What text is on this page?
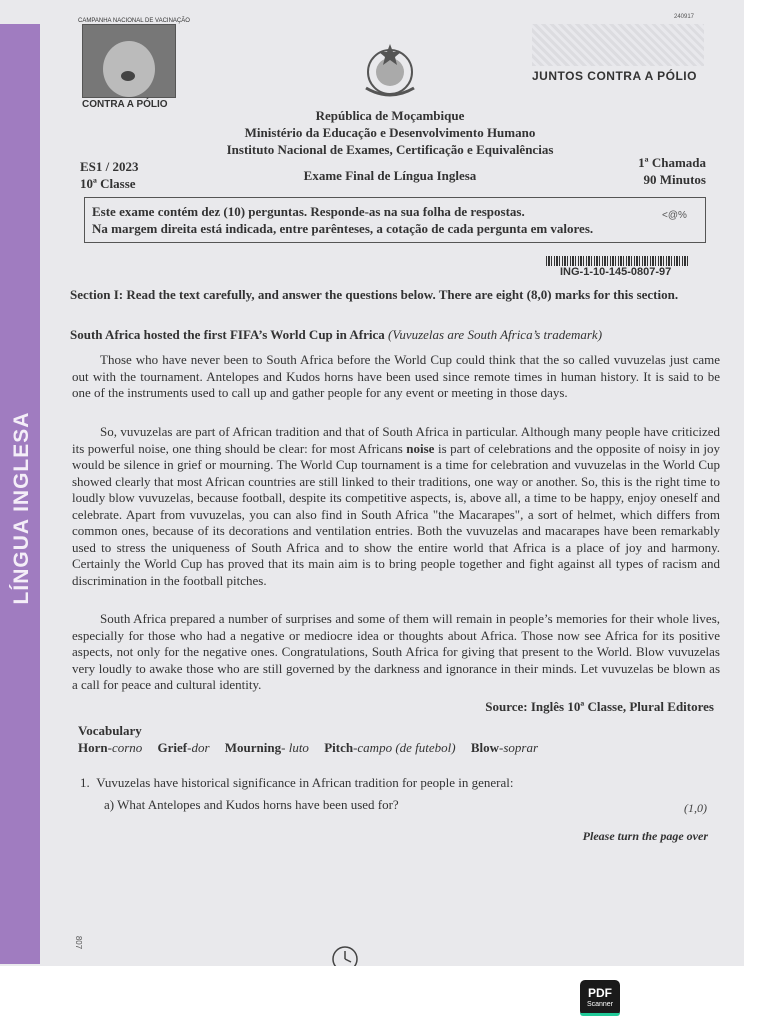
LÍNGUA INGLESA
CAMPANHA NACIONAL DE VACINAÇÃO
CONTRA A PÓLIO
240917
JUNTOS CONTRA A PÓLIO
República de Moçambique
Ministério da Educação e Desenvolvimento Humano
Instituto Nacional de Exames, Certificação e Equivalências
Exame Final de Língua Inglesa
ES1 / 2023
10ª Classe
1ª Chamada
90 Minutos
Este exame contém dez (10) perguntas. Responde-as na sua folha de respostas.
Na margem direita está indicada, entre parênteses, a cotação de cada pergunta em valores.
<@%
ING-1-10-145-0807-97
Section I: Read the text carefully, and answer the questions below. There are eight (8,0) marks for this section.
South Africa hosted the first FIFA’s World Cup in Africa (Vuvuzelas are South Africa’s trademark)
Those who have never been to South Africa before the World Cup could think that the so called vuvuzelas just came out with the tournament. Antelopes and Kudos horns have been used since remote times in human history. It is said to be one of the instruments used to call up and gather people for any event or meeting in those days.
So, vuvuzelas are part of African tradition and that of South Africa in particular. Although many people have criticized its powerful noise, one thing should be clear: for most Africans noise is part of celebrations and the opposite of noisy in joy would be silence in grief or mourning. The World Cup tournament is a time for celebration and vuvuzelas in the World Cup showed clearly that most African countries are still linked to their traditions, one way or another. So, this is the right time to loudly blow vuvuzelas, because football, despite its competitive aspects, is, above all, a time to be happy, enjoy oneself and celebrate. Apart from vuvuzelas, you can also find in South Africa "the Macarapes", a sort of helmet, which differs from common ones, because of its decorations and ventilation entries. Both the vuvuzelas and macarapes have been remarkably used to stress the uniqueness of South Africa and to show the entire world that Africa is a place of joy and harmony. Certainly the World Cup has proved that its main aim is to bring people together and fight against all types of racism and discrimination in the football pitches.
South Africa prepared a number of surprises and some of them will remain in people’s memories for their whole lives, especially for those who had a negative or mediocre idea or thoughts about Africa. Those now see Africa for its positive aspects, not only for the negative ones. Congratulations, South Africa for giving that present to the World. Blow vuvuzelas very loudly to awake those who are still governed by the darkness and ignorance in their minds. Let vuvuzelas be blown as a call for peace and cultural identity.
Source: Inglês 10ª Classe, Plural Editores
Vocabulary
Horn-corno Grief-dor Mourning- luto Pitch-campo (de futebol) Blow-soprar
1. Vuvuzelas have historical significance in African tradition for people in general:
a) What Antelopes and Kudos horns have been used for?	(1,0)
Please turn the page over
807
PDF
Scanner
